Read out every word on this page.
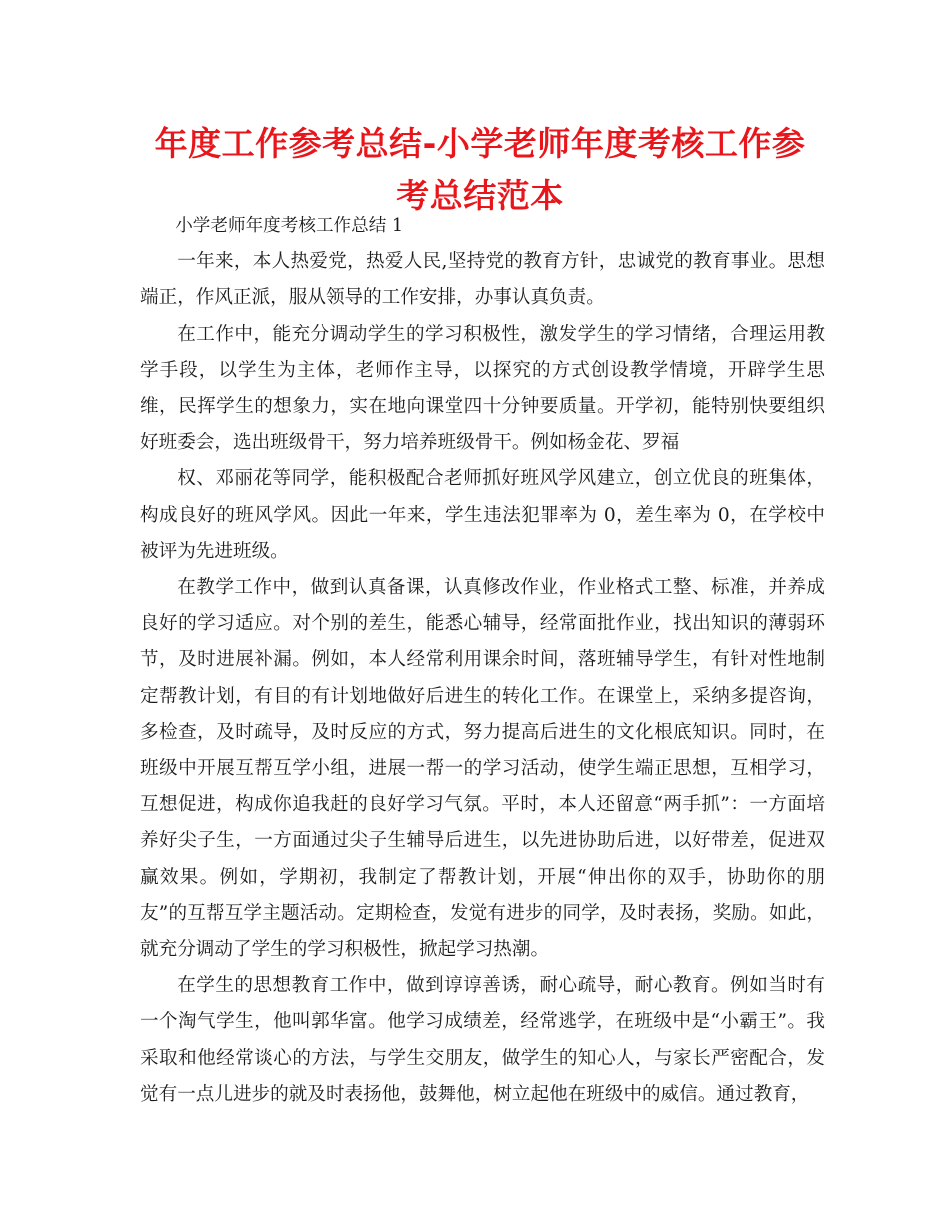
年度工作参考总结-小学老师年度考核工作参考总结范本

小学老师年度考核工作总结 1

一年来，本人热爱党，热爱人民,坚持党的教育方针，忠诚党的教育事业。思想端正，作风正派，服从领导的工作安排，办事认真负责。

在工作中，能充分调动学生的学习积极性，激发学生的学习情绪，合理运用教学手段，以学生为主体，老师作主导，以探究的方式创设教学情境，开辟学生思维，民挥学生的想象力，实在地向课堂四十分钟要质量。开学初，能特别快要组织好班委会，选出班级骨干，努力培养班级骨干。例如杨金花、罗福

权、邓丽花等同学，能积极配合老师抓好班风学风建立，创立优良的班集体，构成良好的班风学风。因此一年来，学生违法犯罪率为 0，差生率为 0，在学校中被评为先进班级。

在教学工作中，做到认真备课，认真修改作业，作业格式工整、标准，并养成良好的学习适应。对个别的差生，能悉心辅导，经常面批作业，找出知识的薄弱环节，及时进展补漏。例如，本人经常利用课余时间，落班辅导学生，有针对性地制定帮教计划，有目的有计划地做好后进生的转化工作。在课堂上，采纳多提咨询，多检查，及时疏导，及时反应的方式，努力提高后进生的文化根底知识。同时，在班级中开展互帮互学小组，进展一帮一的学习活动，使学生端正思想，互相学习，互想促进，构成你追我赶的良好学习气氛。平时，本人还留意“两手抓”：一方面培养好尖子生，一方面通过尖子生辅导后进生，以先进协助后进，以好带差，促进双赢效果。例如，学期初，我制定了帮教计划，开展“伸出你的双手，协助你的朋友”的互帮互学主题活动。定期检查，发觉有进步的同学，及时表扬，奖励。如此，就充分调动了学生的学习积极性，掀起学习热潮。

在学生的思想教育工作中，做到谆谆善诱，耐心疏导，耐心教育。例如当时有一个淘气学生，他叫郭华富。他学习成绩差，经常逃学，在班级中是“小霸王”。我采取和他经常谈心的方法，与学生交朋友，做学生的知心人，与家长严密配合，发觉有一点儿进步的就及时表扬他，鼓舞他，树立起他在班级中的威信。通过教育，
